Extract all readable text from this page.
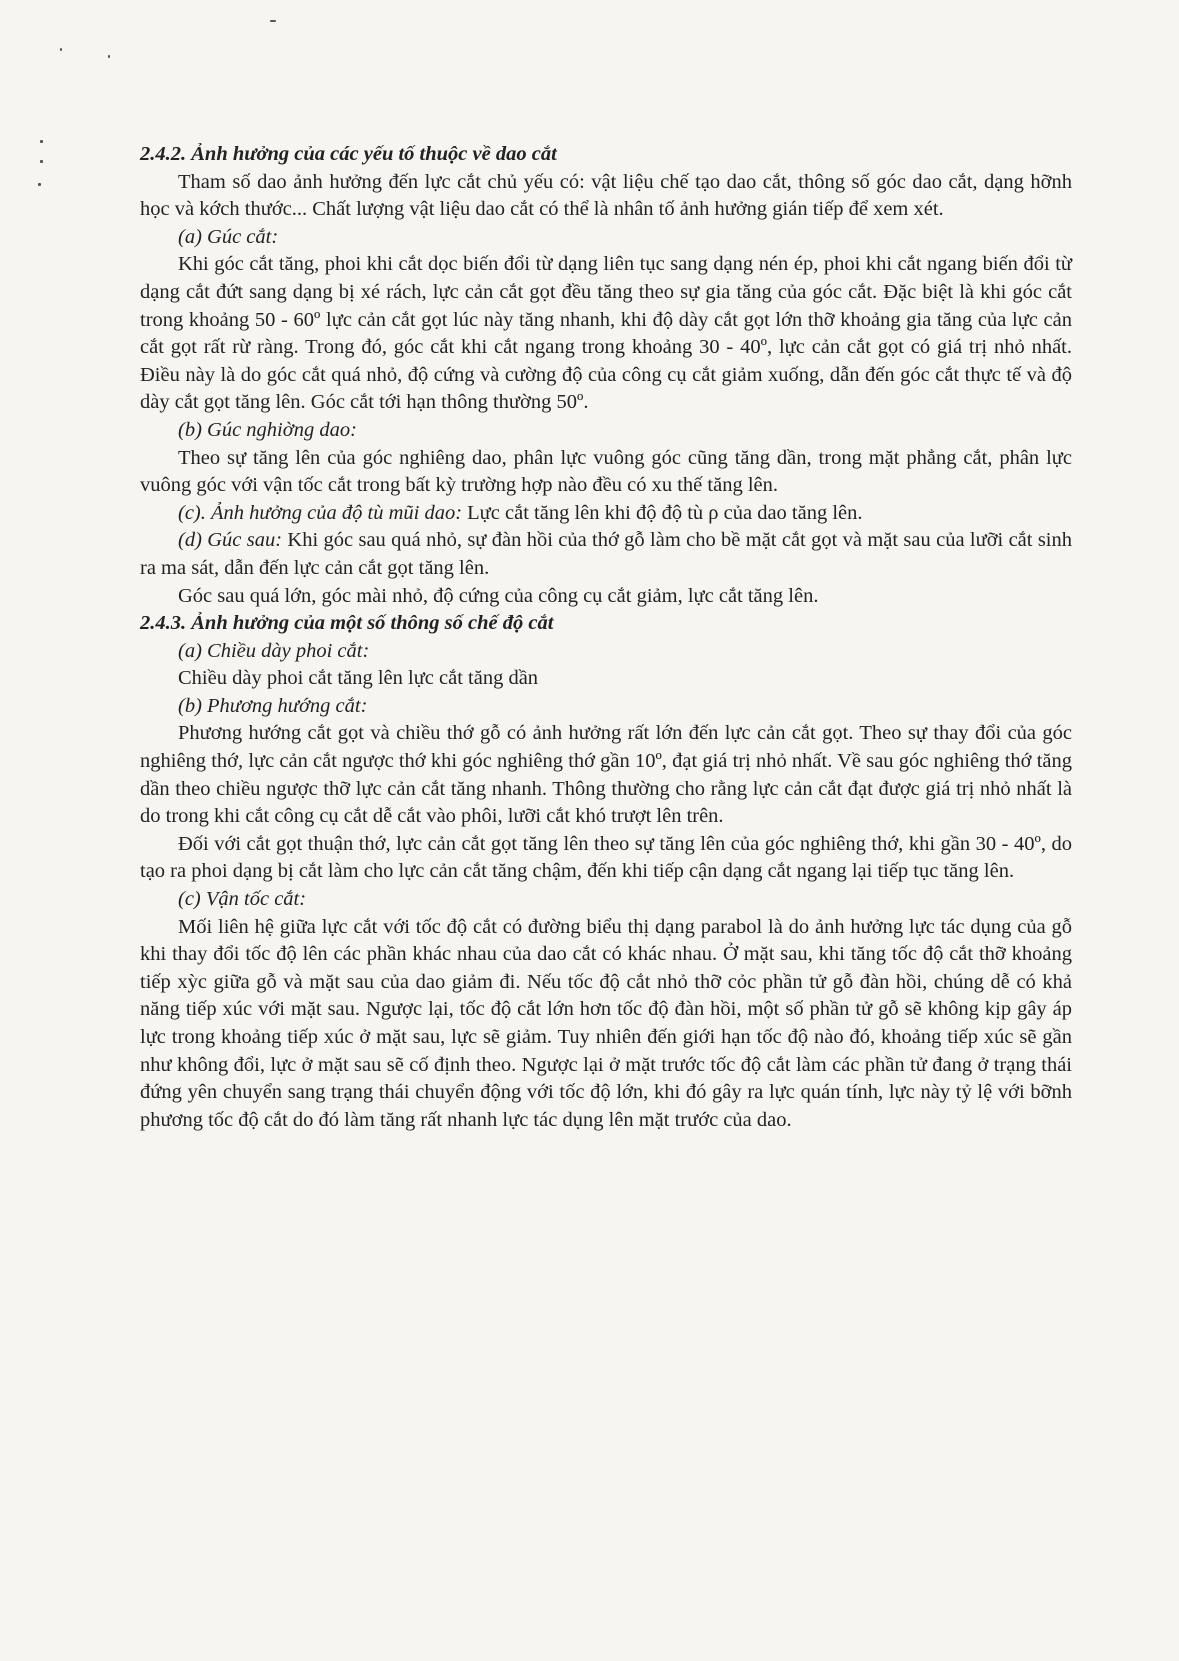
2.4.2. Ảnh hưởng của các yếu tố thuộc về dao cắt

Tham số dao ảnh hưởng đến lực cắt chủ yếu có: vật liệu chế tạo dao cắt, thông số góc dao cắt, dạng hỡnh học và kớch thước... Chất lượng vật liệu dao cắt có thể là nhân tố ảnh hưởng gián tiếp để xem xét.

(a) Gúc cắt:

Khi góc cắt tăng, phoi khi cắt dọc biến đổi từ dạng liên tục sang dạng nén ép, phoi khi cắt ngang biến đổi từ dạng cắt đứt sang dạng bị xé rách, lực cản cắt gọt đều tăng theo sự gia tăng của góc cắt. Đặc biệt là khi góc cắt trong khoảng 50 - 60º lực cản cắt gọt lúc này tăng nhanh, khi độ dày cắt gọt lớn thỡ khoảng gia tăng của lực cản cắt gọt rất rừ ràng. Trong đó, góc cắt khi cắt ngang trong khoảng 30 - 40º, lực cản cắt gọt có giá trị nhỏ nhất. Điều này là do góc cắt quá nhỏ, độ cứng và cường độ của công cụ cắt giảm xuống, dẫn đến góc cắt thực tế và độ dày cắt gọt tăng lên. Góc cắt tới hạn thông thường 50º.

(b) Gúc nghiờng dao:

Theo sự tăng lên của góc nghiêng dao, phân lực vuông góc cũng tăng dần, trong mặt phẳng cắt, phân lực vuông góc với vận tốc cắt trong bất kỳ trường hợp nào đều có xu thế tăng lên.

(c). Ảnh hưởng của độ tù mũi dao: Lực cắt tăng lên khi độ độ tù ρ của dao tăng lên.

(d) Gúc sau: Khi góc sau quá nhỏ, sự đàn hồi của thớ gỗ làm cho bề mặt cắt gọt và mặt sau của lưỡi cắt sinh ra ma sát, dẫn đến lực cản cắt gọt tăng lên.

Góc sau quá lớn, góc mài nhỏ, độ cứng của công cụ cắt giảm, lực cắt tăng lên.

2.4.3. Ảnh hưởng của một số thông số chế độ cắt

(a) Chiều dày phoi cắt:

Chiều dày phoi cắt tăng lên lực cắt tăng dần

(b) Phương hướng cắt:

Phương hướng cắt gọt và chiều thớ gỗ có ảnh hưởng rất lớn đến lực cản cắt gọt. Theo sự thay đổi của góc nghiêng thớ, lực cản cắt ngược thớ khi góc nghiêng thớ gần 10º, đạt giá trị nhỏ nhất. Về sau góc nghiêng thớ tăng dần theo chiều ngược thỡ lực cản cắt tăng nhanh. Thông thường cho rằng lực cản cắt đạt được giá trị nhỏ nhất là do trong khi cắt công cụ cắt dễ cắt vào phôi, lưỡi cắt khó trượt lên trên.

Đối với cắt gọt thuận thớ, lực cản cắt gọt tăng lên theo sự tăng lên của góc nghiêng thớ, khi gần 30 - 40º, do tạo ra phoi dạng bị cắt làm cho lực cản cắt tăng chậm, đến khi tiếp cận dạng cắt ngang lại tiếp tục tăng lên.

(c) Vận tốc cắt:

Mối liên hệ giữa lực cắt với tốc độ cắt có đường biểu thị dạng parabol là do ảnh hưởng lực tác dụng của gỗ khi thay đổi tốc độ lên các phần khác nhau của dao cắt có khác nhau. Ở mặt sau, khi tăng tốc độ cắt thỡ khoảng tiếp xỳc giữa gỗ và mặt sau của dao giảm đi. Nếu tốc độ cắt nhỏ thỡ cỏc phần tử gỗ đàn hồi, chúng dễ có khả năng tiếp xúc với mặt sau. Ngược lại, tốc độ cắt lớn hơn tốc độ đàn hồi, một số phần tử gỗ sẽ không kịp gây áp lực trong khoảng tiếp xúc ở mặt sau, lực sẽ giảm. Tuy nhiên đến giới hạn tốc độ nào đó, khoảng tiếp xúc sẽ gần như không đổi, lực ở mặt sau sẽ cố định theo. Ngược lại ở mặt trước tốc độ cắt làm các phần tử đang ở trạng thái đứng yên chuyển sang trạng thái chuyển động với tốc độ lớn, khi đó gây ra lực quán tính, lực này tỷ lệ với bỡnh phương tốc độ cắt do đó làm tăng rất nhanh lực tác dụng lên mặt trước của dao.
